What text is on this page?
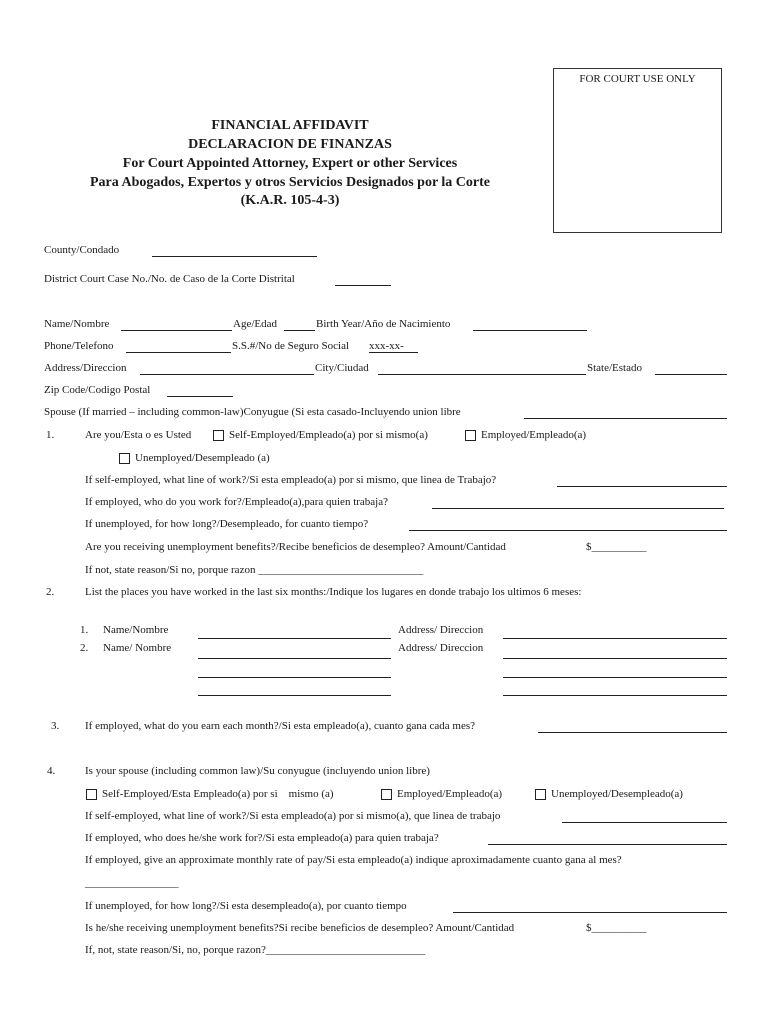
FOR COURT USE ONLY
FINANCIAL AFFIDAVIT
DECLARACION DE FINANZAS
For Court Appointed Attorney, Expert or other Services
Para Abogados, Expertos y otros Servicios Designados por la Corte
(K.A.R. 105-4-3)
County/Condado
District Court Case No./No. de Caso de la Corte Distrital
Name/Nombre	Age/Edad	Birth Year/Año de Nacimiento
Phone/Telefono	S.S.#/No de Seguro Social xxx-xx-
Address/Direccion	City/Ciudad	State/Estado
Zip Code/Codigo Postal
Spouse (If married – including common-law)Conyugue (Si esta casado-Incluyendo union libre
1.	Are you/Esta o es Usted	Self-Employed/Empleado(a) por si mismo(a)	Employed/Empleado(a)
Unemployed/Desempleado (a)
If self-employed, what line of work?/Si esta empleado(a) por si mismo, que linea de Trabajo?
If employed, who do you work for?/Empleado(a),para quien trabaja?
If unemployed, for how long?/Desempleado, for cuanto tiempo?
Are you receiving unemployment benefits?/Recibe beneficios de desempleo? Amount/Cantidad	$__________
If not, state reason/Si no, porque razon ______________________________
2.	List the places you have worked in the last six months:/Indique los lugares en donde trabajo los ultimos 6 meses:
1. Name/Nombre	Address/ Direccion
2. Name/ Nombre	Address/ Direccion
3. If employed, what do you earn each month?/Si esta empleado(a), cuanto gana cada mes?
4.	Is your spouse (including common law)/Su conyugue (incluyendo union libre)
Self-Employed/Esta Empleado(a) por si    mismo (a)	Employed/Empleado(a)	Unemployed/Desempleado(a)
If self-employed, what line of work?/Si esta empleado(a) por si mismo(a), que linea de trabajo
If employed, who does he/she work for?/Si esta empleado(a) para quien trabaja?
If employed, give an approximate monthly rate of pay/Si esta empleado(a) indique aproximadamente cuanto gana al mes?
_________________
If unemployed, for how long?/Si esta desempleado(a), por cuanto tiempo
Is he/she receiving unemployment benefits?Si recibe beneficios de desempleo? Amount/Cantidad	$__________
If, not, state reason/Si, no, porque razon?_____________________________
